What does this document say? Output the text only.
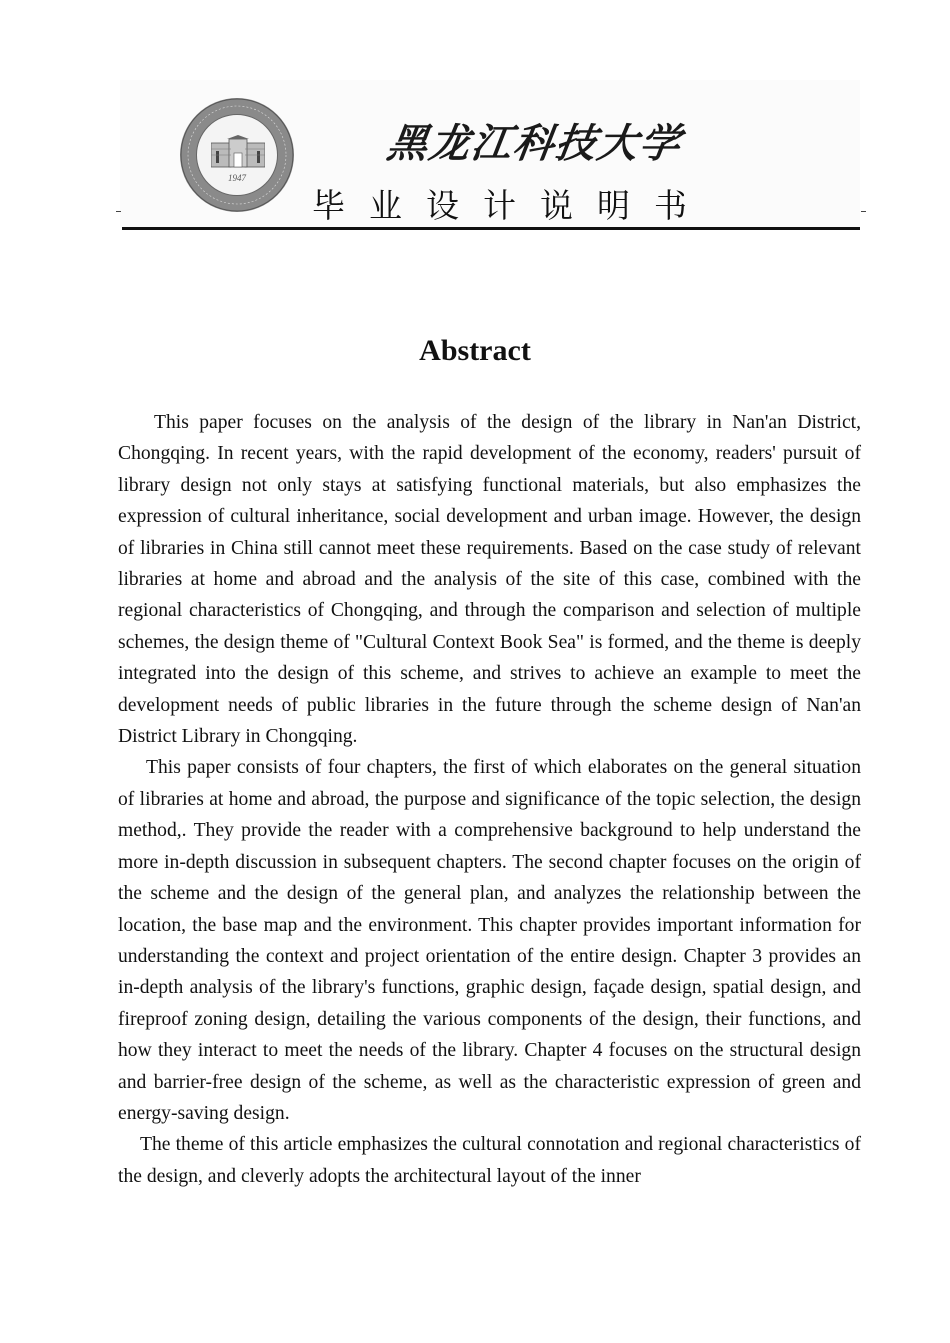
1947
黑龙江科技大学
毕业设计说明书
Abstract

This paper focuses on the analysis of the design of the library in Nan'an District, Chongqing. In recent years, with the rapid development of the economy, readers' pursuit of library design not only stays at satisfying functional materials, but also emphasizes the expression of cultural inheritance, social development and urban image. However, the design of libraries in China still cannot meet these requirements. Based on the case study of relevant libraries at home and abroad and the analysis of the site of this case, combined with the regional characteristics of Chongqing, and through the comparison and selection of multiple schemes, the design theme of "Cultural Context Book Sea" is formed, and the theme is deeply integrated into the design of this scheme, and strives to achieve an example to meet the development needs of public libraries in the future through the scheme design of Nan'an District Library in Chongqing.

This paper consists of four chapters, the first of which elaborates on the general situation of libraries at home and abroad, the purpose and significance of the topic selection, the design method,. They provide the reader with a comprehensive background to help understand the more in-depth discussion in subsequent chapters. The second chapter focuses on the origin of the scheme and the design of the general plan, and analyzes the relationship between the location, the base map and the environment. This chapter provides important information for understanding the context and project orientation of the entire design. Chapter 3 provides an in-depth analysis of the library's functions, graphic design, façade design, spatial design, and fireproof zoning design, detailing the various components of the design, their functions, and how they interact to meet the needs of the library. Chapter 4 focuses on the structural design and barrier-free design of the scheme, as well as the characteristic expression of green and energy-saving design.

The theme of this article emphasizes the cultural connotation and regional characteristics of the design, and cleverly adopts the architectural layout of the inner
